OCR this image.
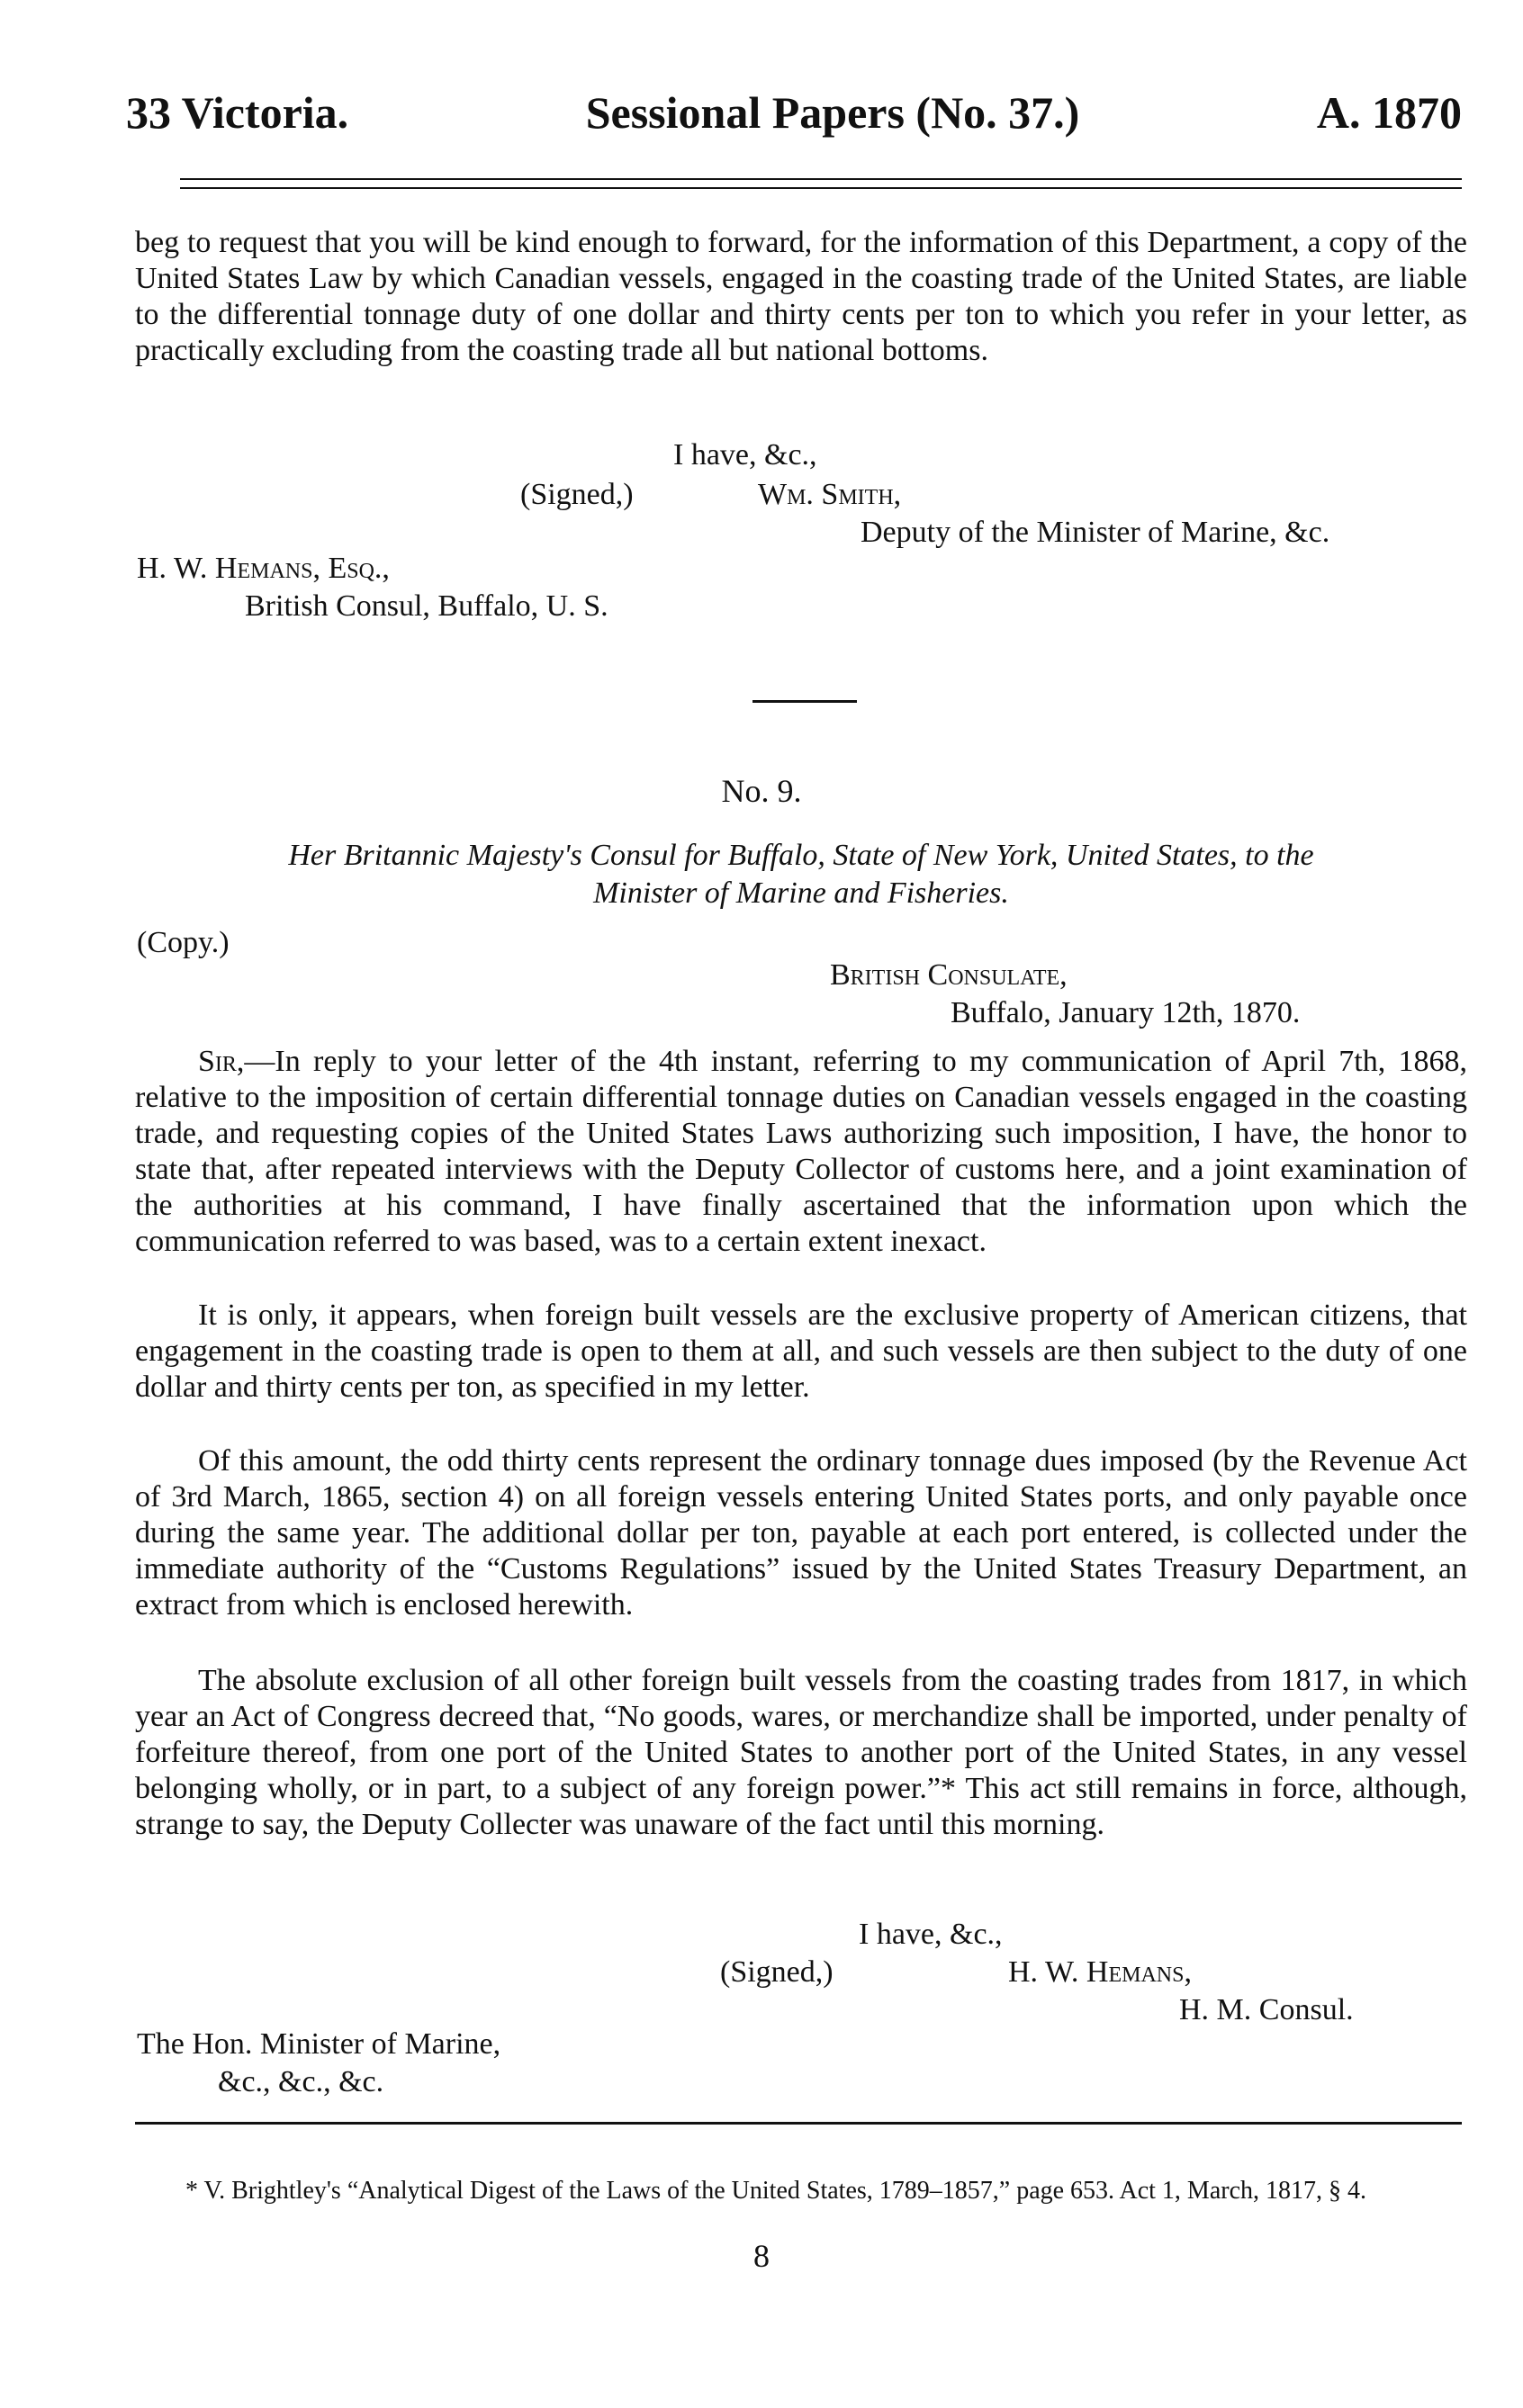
33 Victoria.	Sessional Papers (No. 37.)	A. 1870
beg to request that you will be kind enough to forward, for the information of this Department, a copy of the United States Law by which Canadian vessels, engaged in the coasting trade of the United States, are liable to the differential tonnage duty of one dollar and thirty cents per ton to which you refer in your letter, as practically excluding from the coasting trade all but national bottoms.
I have, &c.,
(Signed,)	Wm. Smith,
Deputy of the Minister of Marine, &c.
H. W. Hemans, Esq.,
British Consul, Buffalo, U. S.
No. 9.
Her Britannic Majesty's Consul for Buffalo, State of New York, United States, to the
Minister of Marine and Fisheries.
(Copy.)
British Consulate,
Buffalo, January 12th, 1870.
Sir,—In reply to your letter of the 4th instant, referring to my communication of April 7th, 1868, relative to the imposition of certain differential tonnage duties on Canadian vessels engaged in the coasting trade, and requesting copies of the United States Laws authorizing such imposition, I have, the honor to state that, after repeated interviews with the Deputy Collector of customs here, and a joint examination of the authorities at his command, I have finally ascertained that the information upon which the communication referred to was based, was to a certain extent inexact.
It is only, it appears, when foreign built vessels are the exclusive property of American citizens, that engagement in the coasting trade is open to them at all, and such vessels are then subject to the duty of one dollar and thirty cents per ton, as specified in my letter.
Of this amount, the odd thirty cents represent the ordinary tonnage dues imposed (by the Revenue Act of 3rd March, 1865, section 4) on all foreign vessels entering United States ports, and only payable once during the same year. The additional dollar per ton, payable at each port entered, is collected under the immediate authority of the “Customs Regulations” issued by the United States Treasury Department, an extract from which is enclosed herewith.
The absolute exclusion of all other foreign built vessels from the coasting trades from 1817, in which year an Act of Congress decreed that, “No goods, wares, or merchandize shall be imported, under penalty of forfeiture thereof, from one port of the United States to another port of the United States, in any vessel belonging wholly, or in part, to a subject of any foreign power.”* This act still remains in force, although, strange to say, the Deputy Collecter was unaware of the fact until this morning.
I have, &c.,
(Signed,)	H. W. Hemans,
H. M. Consul.
The Hon. Minister of Marine,
&c., &c., &c.
* V. Brightley's “Analytical Digest of the Laws of the United States, 1789–1857,” page 653. Act 1, March, 1817, § 4.
8
